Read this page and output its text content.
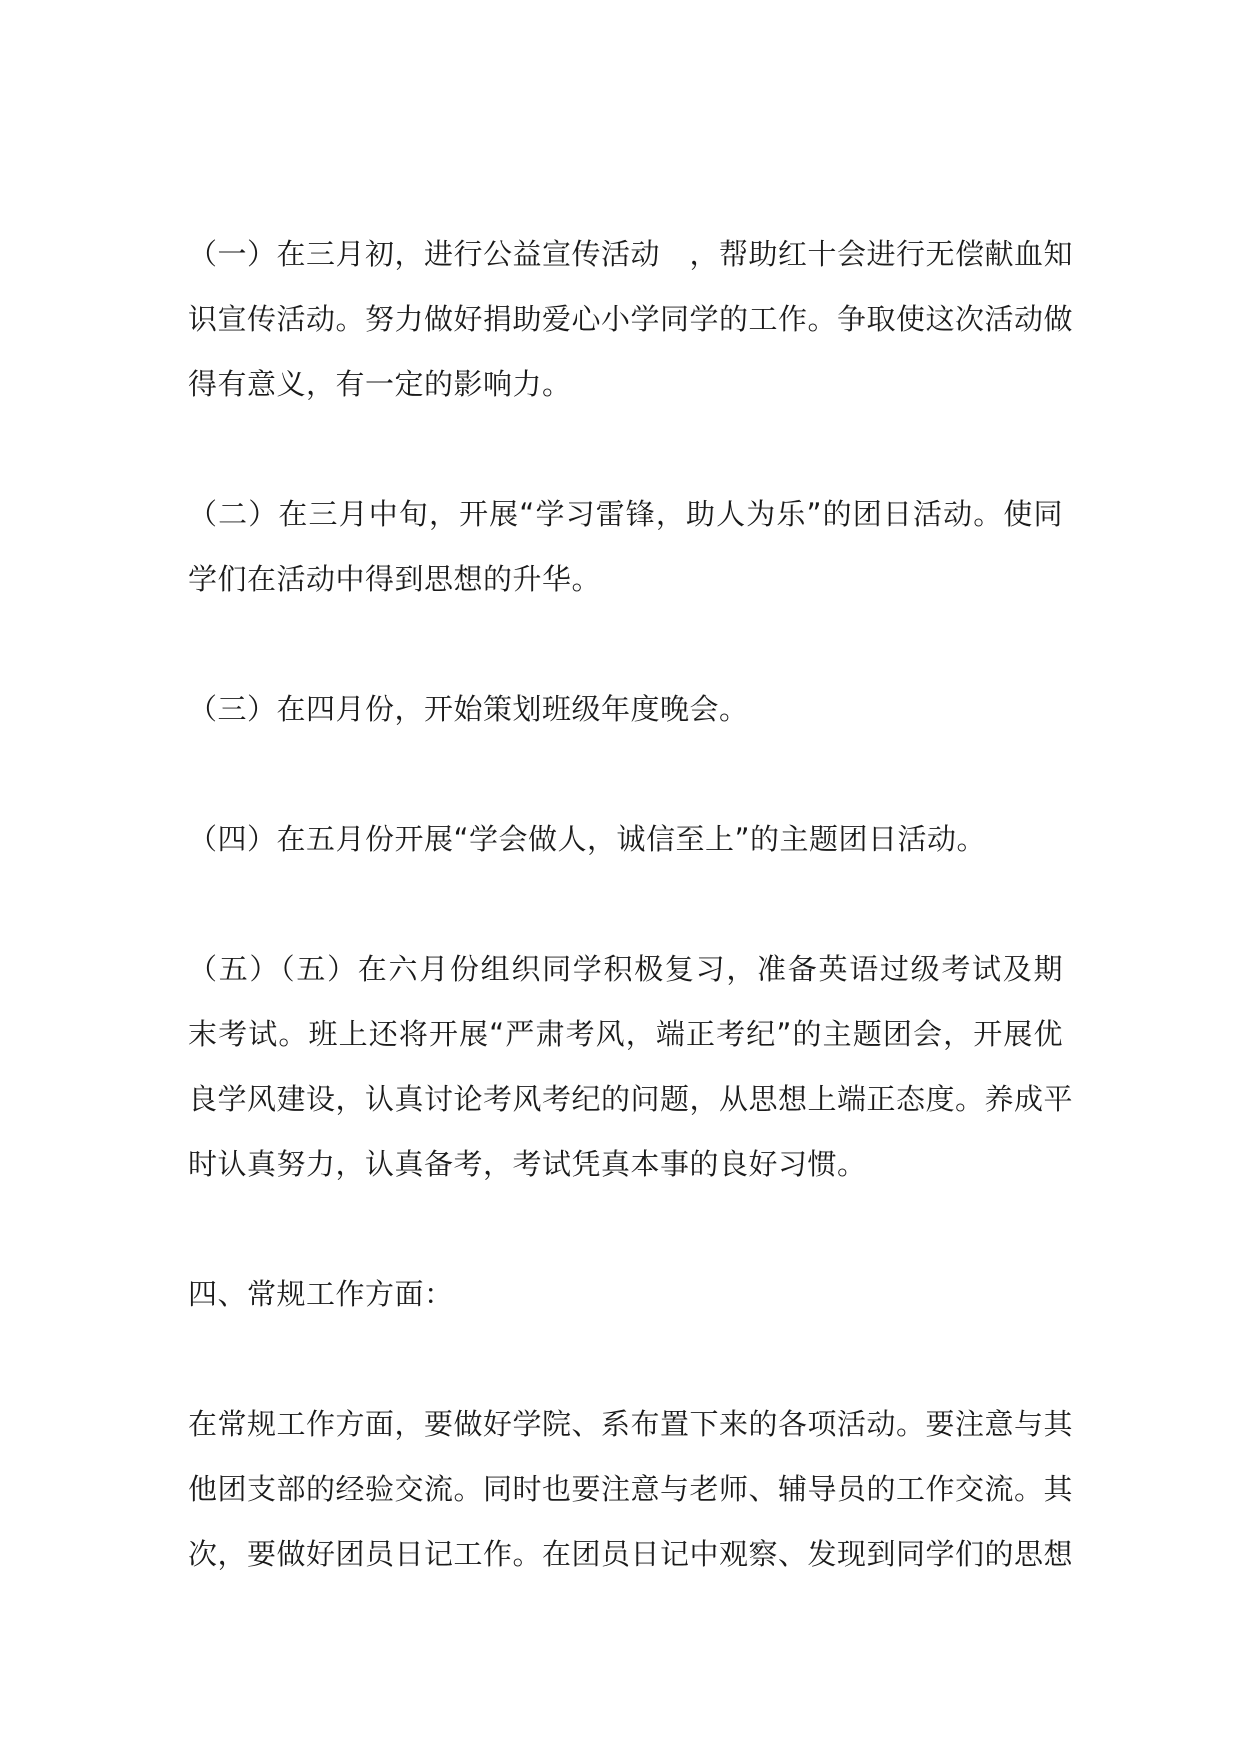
（一）在三月初，进行公益宣传活动　，帮助红十会进行无偿献血知
识宣传活动。努力做好捐助爱心小学同学的工作。争取使这次活动做
得有意义，有一定的影响力。
（二）在三月中旬，开展“学习雷锋，助人为乐”的团日活动。使同
学们在活动中得到思想的升华。
（三）在四月份，开始策划班级年度晚会。
（四）在五月份开展“学会做人，诚信至上”的主题团日活动。
（五）（五）在六月份组织同学积极复习，准备英语过级考试及期
末考试。班上还将开展“严肃考风，端正考纪”的主题团会，开展优
良学风建设，认真讨论考风考纪的问题，从思想上端正态度。养成平
时认真努力，认真备考，考试凭真本事的良好习惯。
四、常规工作方面：
在常规工作方面，要做好学院、系布置下来的各项活动。要注意与其
他团支部的经验交流。同时也要注意与老师、辅导员的工作交流。其
次，要做好团员日记工作。在团员日记中观察、发现到同学们的思想
